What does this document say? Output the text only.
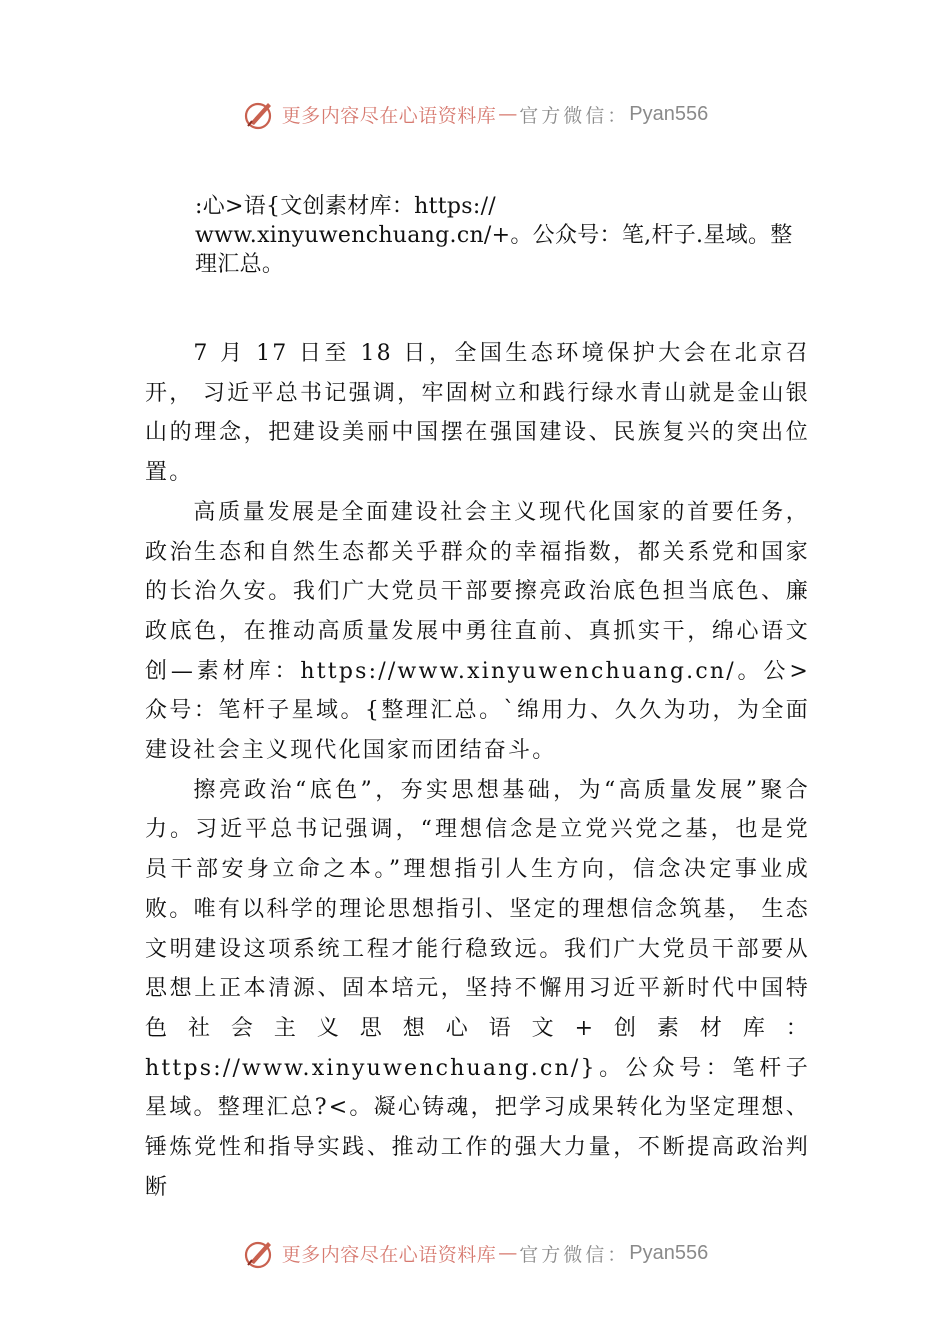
更多内容尽在心语资料库 — 官方微信： Pyan556
:心>语{文创素材库：https://
www.xinyuwenchuang.cn/+。公众号：笔,杆子.星域。整
理汇总。

7 月 17 日至 18 日，全国生态环境保护大会在北京召开， 习近平总书记强调，牢固树立和践行绿水青山就是金山银山的理念，把建设美丽中国摆在强国建设、民族复兴的突出位置。

高质量发展是全面建设社会主义现代化国家的首要任务，政治生态和自然生态都关乎群众的幸福指数，都关系党和国家的长治久安。我们广大党员干部要擦亮政治底色担当底色、廉政底色，在推动高质量发展中勇往直前、真抓实干，绵心语文创—素材库：https://www.xinyuwenchuang.cn/。公>众号：笔杆子星域。{整理汇总。`绵用力、久久为功，为全面建设社会主义现代化国家而团结奋斗。

擦亮政治“底色”，夯实思想基础，为“高质量发展”聚合力。习近平总书记强调，“理想信念是立党兴党之基，也是党员干部安身立命之本。”理想指引人生方向，信念决定事业成败。唯有以科学的理论思想指引、坚定的理想信念筑基， 生态文明建设这项系统工程才能行稳致远。我们广大党员干部要从思想上正本清源、固本培元，坚持不懈用习近平新时代中国特色社会主义思想心语文+创素材库：https://www.xinyuwenchuang.cn/}。公众号：笔杆子星域。整理汇总?<。凝心铸魂，把学习成果转化为坚定理想、锤炼党性和指导实践、推动工作的强大力量，不断提高政治判断

更多内容尽在心语资料库 — 官方微信： Pyan556
